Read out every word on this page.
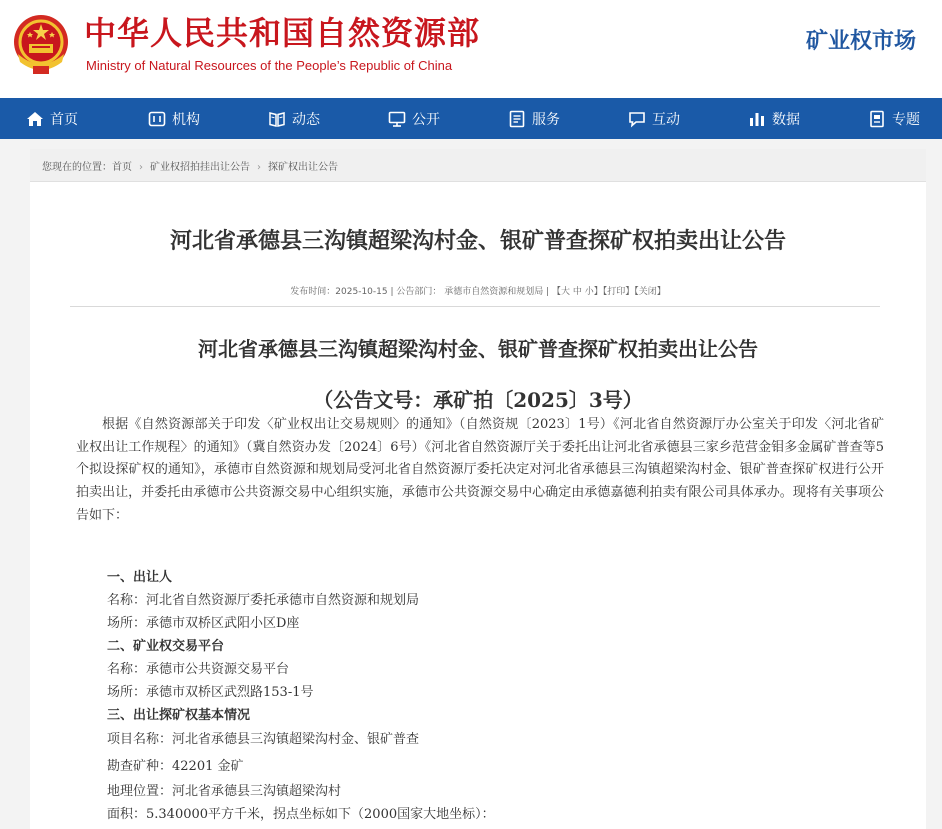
中华人民共和国自然资源部
Ministry of Natural Resources of the People’s Republic of China
矿业权市场
首页	机构	动态	公开	服务	互动	数据	专题
您现在的位置：首页 › 矿业权招拍挂出让公告 › 探矿权出让公告
河北省承德县三沟镇超梁沟村金、银矿普查探矿权拍卖出让公告
发布时间：2025-10-15 | 公告部门： 承德市自然资源和规划局 | 【大 中 小】【打印】【关闭】
河北省承德县三沟镇超梁沟村金、银矿普查探矿权拍卖出让公告
（公告文号：承矿拍〔2025〕3号）
根据《自然资源部关于印发〈矿业权出让交易规则〉的通知》（自然资规〔2023〕1号）《河北省自然资源厅办公室关于印发〈河北省矿业权出让工作规程〉的通知》（冀自然资办发〔2024〕6号）《河北省自然资源厅关于委托出让河北省承德县三家乡范营金钼多金属矿普查等5个拟设探矿权的通知》，承德市自然资源和规划局受河北省自然资源厅委托决定对河北省承德县三沟镇超梁沟村金、银矿普查探矿权进行公开拍卖出让，并委托由承德市公共资源交易中心组织实施，承德市公共资源交易中心确定由承德嘉德利拍卖有限公司具体承办。现将有关事项公告如下：
一、出让人
名称：河北省自然资源厅委托承德市自然资源和规划局
场所：承德市双桥区武阳小区D座
二、矿业权交易平台
名称：承德市公共资源交易平台
场所：承德市双桥区武烈路153-1号
三、出让探矿权基本情况
项目名称：河北省承德县三沟镇超梁沟村金、银矿普查
勘查矿种：42201 金矿
地理位置：河北省承德县三沟镇超梁沟村
面积：5.340000平方千米，拐点坐标如下（2000国家大地坐标）：
